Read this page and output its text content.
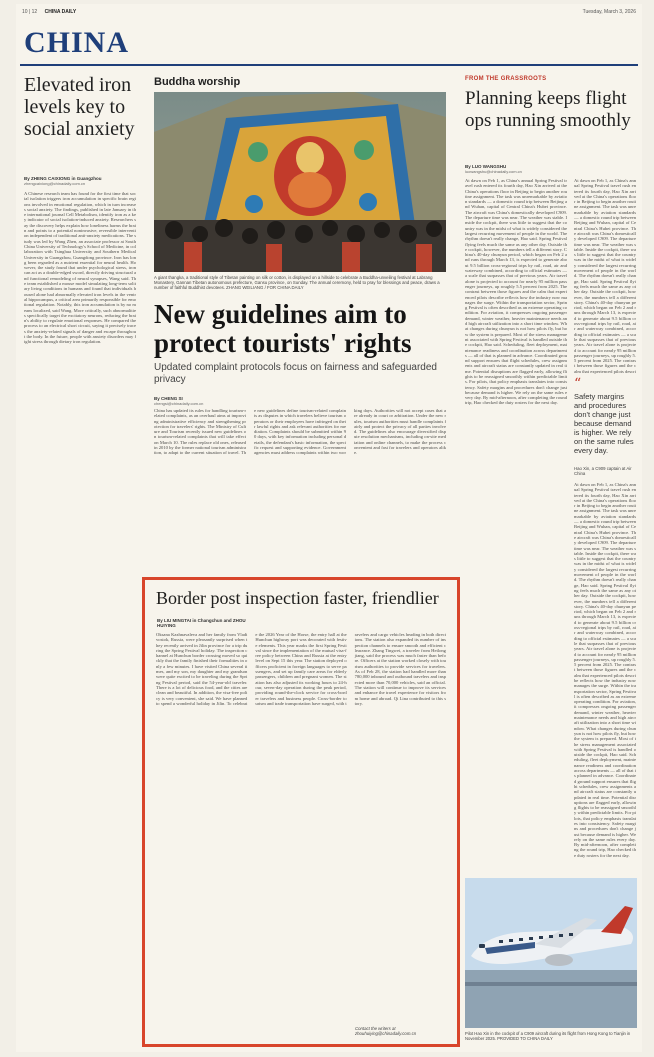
10 | 12 CHINA DAILY	Tuesday, March 3, 2026
CHINA
Elevated iron levels key to social anxiety
By ZHENG CAIXIONG in Guangzhou
zhengcaixiong@chinadaily.com.cn
A Chinese research team has found for the first time that social isolation triggers iron accumulation in specific brain regions involved in emotional regulation, which in turn increases social anxiety. The findings, published in late January in the international journal Cell Metabolism, identify iron as a key indicator of social isolation-induced anxiety. Researchers say the discovery helps explain how loneliness harms the brain and points to a potential noninvasive, reversible intervention independent of traditional anti-anxiety medications. The study was led by Wang Zhen, an associate professor at South China University of Technology's School of Medicine, in collaboration with Tsinghua University and Southern Medical University in Guangzhou, Guangdong province. Iron has long been regarded as a nutrient essential for neural health. However, the study found that under psychological stress, iron can act as a double-edged sword, directly driving structural and functional remodeling of neural synapses, Wang said. The team established a mouse model simulating long-term solitary living conditions in humans and found that individuals housed alone had abnormally elevated iron levels in the ventral hippocampus, a critical area primarily responsible for emotional regulation. Notably, this iron accumulation is by no means localized, said Wang. More critically, such abnormalities specifically target the excitatory neurons, reducing the brain's ability to regulate emotional responses. He compared the process to an electrical short circuit, saying it precisely traces the anxiety-related signals of danger and escape throughout the body. In the future, people with anxiety disorders may fight stress through dietary iron regulation.
Buddha worship
A giant thangka, a traditional style of Tibetan painting on silk or cotton, is displayed on a hillside to celebrate a Buddha-unveiling festival at Labrang Monastery, Gannan Tibetan autonomous prefecture, Gansu province, on Sunday. The annual ceremony, held to pray for blessings and peace, draws a number of faithful Buddhist devotees. ZHANG WEILIANG / FOR CHINA DAILY
New guidelines aim to protect tourists' rights
Updated complaint protocols focus on fairness and safeguarded privacy
By CHENG SI
chengsi@chinadaily.com.cn
China has updated its rules for handling tourism-related complaints, as an overhaul aims at improving administrative efficiency and strengthening protection for travelers' rights. The Ministry of Culture and Tourism recently issued new guidelines on tourism-related complaints that will take effect on March 10. The rules replace old ones, released in 2010 by the former national tourism administration, to adapt to the current situation of travel. The new guidelines define tourism-related complaints as disputes in which travelers believe tourism operators or their employees have infringed on their lawful rights and ask relevant authorities for mediation. Complaints should be submitted within 90 days, with key information including personal details, the defendant's basic information, the specific request and supporting evidence. Government agencies must address complaints within two working days. Authorities will not accept cases that are already in court or arbitration. Under the new rules, tourism authorities must handle complaints fairly and protect the privacy of all parties involved. The guidelines also encourage diversified dispute resolution mechanisms, including on-site mediation and online channels, to make the process convenient and fast for travelers and operators alike.
FROM THE GRASSROOTS
Planning keeps flight ops running smoothly
By LUO WANGSHU
luowangshu@chinadaily.com.cn
At dawn on Feb 1, as China's annual Spring Festival travel rush entered its fourth day, Hao Xin arrived at the China's operations floor in Beijing to begin another routine assignment. The task was unremarkable by aviation standards — a domestic round trip between Beijing and Wuhan, capital of Central China's Hubei province. The aircraft was China's domestically developed C909. The departure time was near. The weather was stable. Inside the cockpit, there was little to suggest that the country was in the midst of what is widely considered the largest recurring movement of people in the world. The rhythm doesn't really change, Hao said. Spring Festival flying feels much the same as any other day. Outside the cockpit, however, the numbers tell a different story. China's 40-day chunyun period, which began on Feb 2 and runs through March 13, is expected to generate about 9.5 billion cross-regional trips by rail, road, air and waterway combined, according to official estimates — a scale that surpasses that of previous years. Air travel alone is projected to account for nearly 95 million passenger journeys, up roughly 5.5 percent from 2025. The contrast between those figures and the calm that experienced pilots describe reflects how the industry now manages the surge. Within the transportation sector, Spring Festival is often described as an extreme operating condition. For aviation, it compresses ongoing passenger demand, winter weather, heavier maintenance needs and high aircraft utilization into a short time window. What changes during chunyun is not how pilots fly, but how the system is prepared. Most of the stress management associated with Spring Festival is handled outside the cockpit, Hao said. Scheduling, fleet deployment, maintenance readiness and coordination across departments — all of that is planned in advance. Coordinated ground support ensures that flight schedules, crew assignments and aircraft status are constantly updated in real time. Potential disruptions are flagged early, allowing flights to be reassigned smoothly within predictable limits. For pilots, that policy emphasis translates into consistency. Safety margins and procedures don't change just because demand is higher. We rely on the same rules every day. By mid-afternoon, after completing the round trip, Hao checked the duty rosters for the next day.
At dawn on Feb 1, as China's annual Spring Festival travel rush entered its fourth day, Hao Xin arrived at the China's operations floor in Beijing to begin another routine assignment. The task was unremarkable by aviation standards — a domestic round trip between Beijing and Wuhan, capital of Central China's Hubei province. The aircraft was China's domestically developed C909. The departure time was near. The weather was stable. Inside the cockpit, there was little to suggest that the country was in the midst of what is widely considered the largest recurring movement of people in the world. The rhythm doesn't really change, Hao said. Spring Festival flying feels much the same as any other day. Outside the cockpit, however, the numbers tell a different story. China's 40-day chunyun period, which began on Feb 2 and runs through March 13, is expected to generate about 9.5 billion cross-regional trips by rail, road, air and waterway combined, according to official estimates — a scale that surpasses that of previous years. Air travel alone is projected to account for nearly 95 million passenger journeys, up roughly 5.5 percent from 2025. The contrast between those figures and the calm that experienced pilots descri
“
Safety margins and procedures don't change just because demand is higher. We rely on the same rules every day.
Hao Xin, a C909 captain at Air China
At dawn on Feb 1, as China's annual Spring Festival travel rush entered its fourth day, Hao Xin arrived at the China's operations floor in Beijing to begin another routine assignment. The task was unremarkable by aviation standards — a domestic round trip between Beijing and Wuhan, capital of Central China's Hubei province. The aircraft was China's domestically developed C909. The departure time was near. The weather was stable. Inside the cockpit, there was little to suggest that the country was in the midst of what is widely considered the largest recurring movement of people in the world. The rhythm doesn't really change, Hao said. Spring Festival flying feels much the same as any other day. Outside the cockpit, however, the numbers tell a different story. China's 40-day chunyun period, which began on Feb 2 and runs through March 13, is expected to generate about 9.5 billion cross-regional trips by rail, road, air and waterway combined, according to official estimates — a scale that surpasses that of previous years. Air travel alone is projected to account for nearly 95 million passenger journeys, up roughly 5.5 percent from 2025. The contrast between those figures and the calm that experienced pilots describe reflects how the industry now manages the surge. Within the transportation sector, Spring Festival is often described as an extreme operating condition. For aviation, it compresses ongoing passenger demand, winter weather, heavier maintenance needs and high aircraft utilization into a short time window. What changes during chunyun is not how pilots fly, but how the system is prepared. Most of the stress management associated with Spring Festival is handled outside the cockpit, Hao said. Scheduling, fleet deployment, maintenance readiness and coordination across departments — all of that is planned in advance. Coordinated ground support ensures that flight schedules, crew assignments and aircraft status are constantly updated in real time. Potential disruptions are flagged early, allowing flights to be reassigned smoothly within predictable limits. For pilots, that policy emphasis translates into consistency. Safety margins and procedures don't change just because demand is higher. We rely on the same rules every day. By mid-afternoon, after completing the round trip, Hao checked the duty rosters for the next day.
Border post inspection faster, friendlier
By LIU MINGTAI in Changchun and ZHOU HUIYING
Oksana Kazhnavaleva and her family from Vladivostok, Russia, were pleasantly surprised when they recently arrived in Jilin province for a trip during the Spring Festival holiday. The inspection channel at Hunchun border crossing moved so quickly that the family finished their formalities in only a few minutes. I have visited China several times, and my son, my daughter and my grandson were quite excited to be traveling during the Spring Festival period, said the 54-year-old traveler. There is a lot of delicious food, and the cities are clean and beautiful. In addition, the visa-free policy is very convenient, she said. We have planned to spend a wonderful holiday in Jilin. To celebrate the 2026 Year of the Horse, the entry hall at the Hunchun highway port was decorated with festive elements. This year marks the first Spring Festival since the implementation of the mutual visa-free policy between China and Russia at the entry level on Sept 15 this year. The station deployed officers proficient in foreign languages to serve passengers, and set up family care areas for elderly passengers, children and pregnant women. The station has also adjusted its working hours to 24-hour, seven-day operation during the peak period, providing round-the-clock service for cross-border travelers and business people. Cross-border tourism and trade transportation have surged, with travelers and cargo vehicles heading in both directions. The station also expanded its number of inspection channels to ensure smooth and efficient clearance. Zhang Tingwei, a traveler from Heilongjiang, said the process was much faster than before. Officers at the station worked closely with tourism authorities to provide services for travelers. As of Feb 28, the station had handled more than 780,000 inbound and outbound travelers and inspected more than 70,000 vehicles, said an official. The station will continue to improve its services and enhance the travel experience for visitors from home and abroad. Qi Lina contributed to this story.
Contact the writers at zhouhuiying@chinadaily.com.cn	Pilot Hao Xin in the cockpit of a C909 aircraft during its flight from Hong Kong to Tianjin in November 2025. PROVIDED TO CHINA DAILY
